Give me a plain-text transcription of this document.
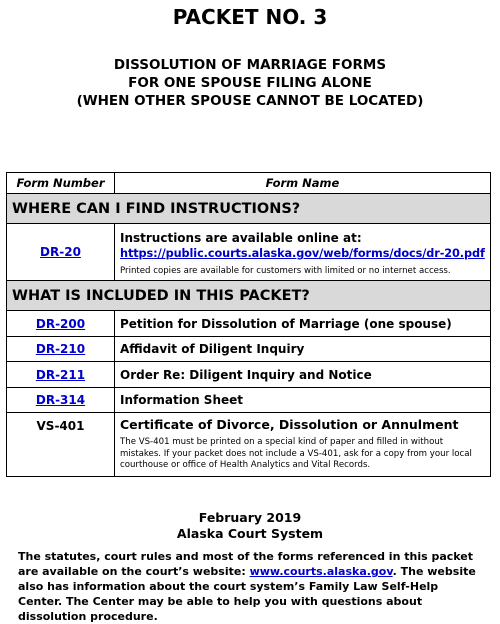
PACKET NO. 3
DISSOLUTION OF MARRIAGE FORMS
FOR ONE SPOUSE FILING ALONE
(WHEN OTHER SPOUSE CANNOT BE LOCATED)
Form Number	Form Name
WHERE CAN I FIND INSTRUCTIONS?	
DR-20	Instructions are available online at:
https://public.courts.alaska.gov/web/forms/docs/dr-20.pdf
Printed copies are available for customers with limited or no internet access.

WHAT IS INCLUDED IN THIS PACKET?	
DR-200	Petition for Dissolution of Marriage (one spouse)
DR-210	Affidavit of Diligent Inquiry
DR-211	Order Re: Diligent Inquiry and Notice
DR-314	Information Sheet
VS-401	Certificate of Divorce, Dissolution or Annulment
The VS-401 must be printed on a special kind of paper and filled in without mistakes. If your packet does not include a VS-401, ask for a copy from your local courthouse or office of Health Analytics and Vital Records.
February 2019
Alaska Court System
The statutes, court rules and most of the forms referenced in this packet are available on the court’s website: www.courts.alaska.gov. The website also has information about the court system’s Family Law Self-Help Center. The Center may be able to help you with questions about dissolution procedure.
